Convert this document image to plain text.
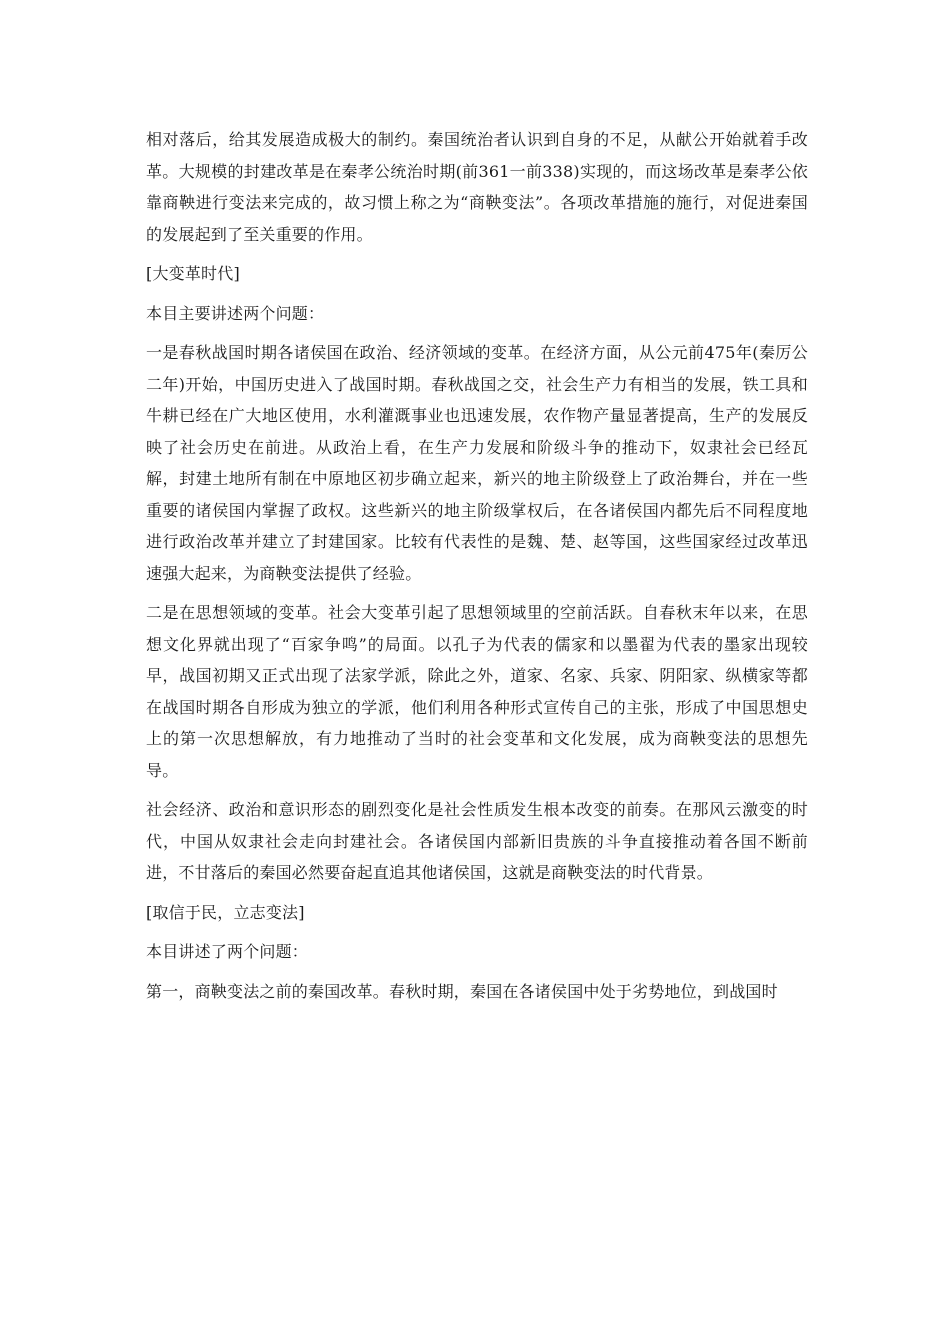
相对落后，给其发展造成极大的制约。秦国统治者认识到自身的不足，从献公开始就着手改革。大规模的封建改革是在秦孝公统治时期(前361一前338)实现的，而这场改革是秦孝公依靠商鞅进行变法来完成的，故习惯上称之为“商鞅变法”。各项改革措施的施行，对促进秦国的发展起到了至关重要的作用。

[大变革时代]

本目主要讲述两个问题：

一是春秋战国时期各诸侯国在政治、经济领域的变革。在经济方面，从公元前475年(秦厉公二年)开始，中国历史进入了战国时期。春秋战国之交，社会生产力有相当的发展，铁工具和牛耕已经在广大地区使用，水利灌溉事业也迅速发展，农作物产量显著提高，生产的发展反映了社会历史在前进。从政治上看，在生产力发展和阶级斗争的推动下，奴隶社会已经瓦解，封建土地所有制在中原地区初步确立起来，新兴的地主阶级登上了政治舞台，并在一些重要的诸侯国内掌握了政权。这些新兴的地主阶级掌权后，在各诸侯国内都先后不同程度地进行政治改革并建立了封建国家。比较有代表性的是魏、楚、赵等国，这些国家经过改革迅速强大起来，为商鞅变法提供了经验。

二是在思想领域的变革。社会大变革引起了思想领域里的空前活跃。自春秋末年以来，在思想文化界就出现了“百家争鸣”的局面。以孔子为代表的儒家和以墨翟为代表的墨家出现较早，战国初期又正式出现了法家学派，除此之外，道家、名家、兵家、阴阳家、纵横家等都在战国时期各自形成为独立的学派，他们利用各种形式宣传自己的主张，形成了中国思想史上的第一次思想解放，有力地推动了当时的社会变革和文化发展，成为商鞅变法的思想先导。

社会经济、政治和意识形态的剧烈变化是社会性质发生根本改变的前奏。在那风云激变的时代，中国从奴隶社会走向封建社会。各诸侯国内部新旧贵族的斗争直接推动着各国不断前进，不甘落后的秦国必然要奋起直追其他诸侯国，这就是商鞅变法的时代背景。

[取信于民，立志变法]

本目讲述了两个问题：

第一，商鞅变法之前的秦国改革。春秋时期，秦国在各诸侯国中处于劣势地位，到战国时
